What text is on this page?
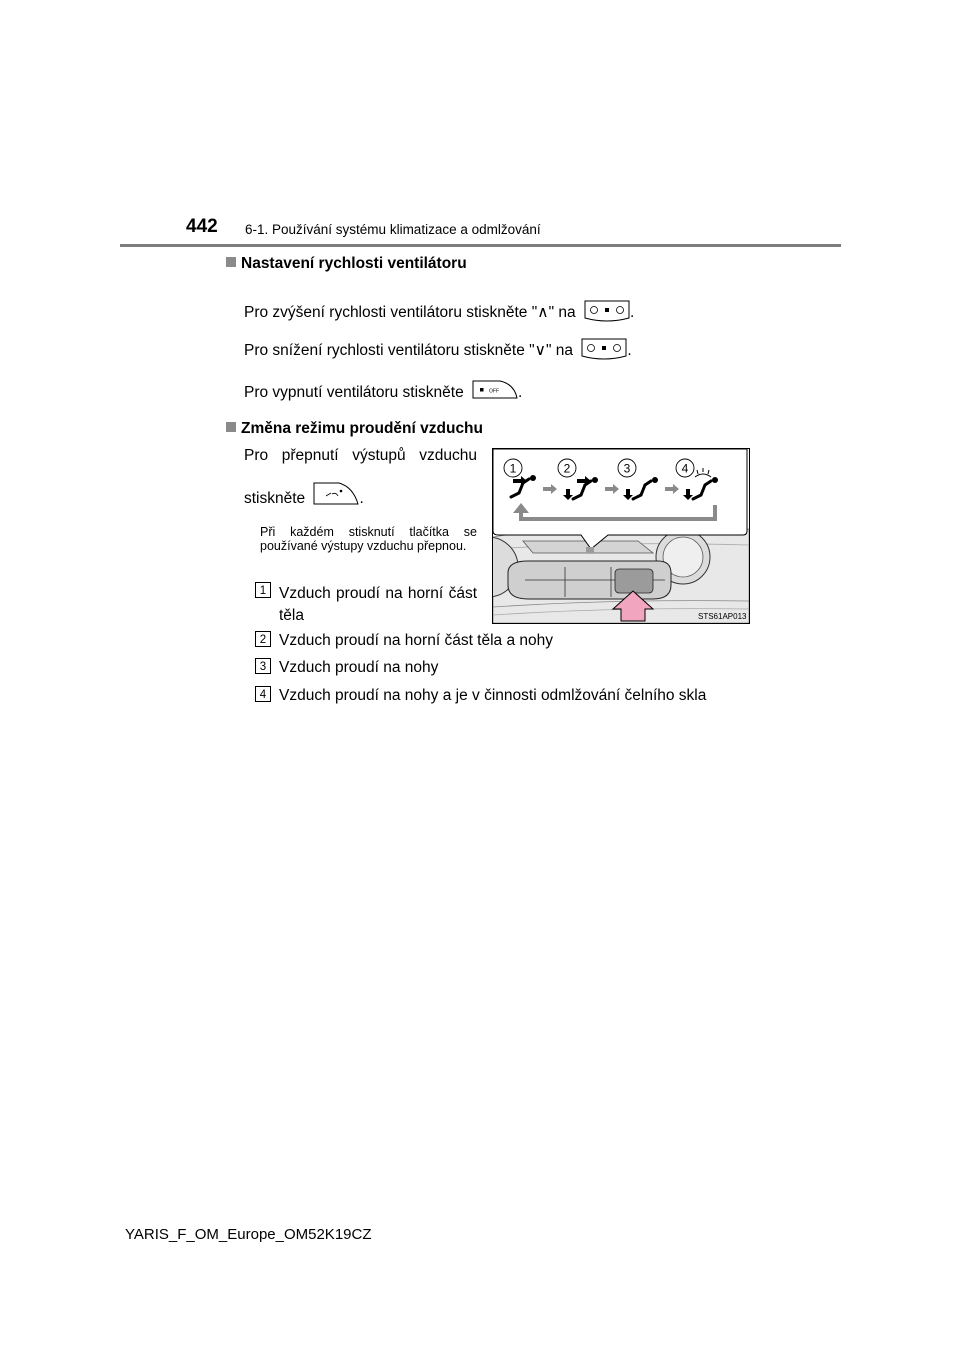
442 6-1. Používání systému klimatizace a odmlžování
Nastavení rychlosti ventilátoru
Pro zvýšení rychlosti ventilátoru stiskněte "∧" na	.
Pro snížení rychlosti ventilátoru stiskněte "∨" na	.
Pro vypnutí ventilátoru stiskněte	OFF .
Změna režimu proudění vzduchu
Pro přepnutí výstupů vzduchu
stiskněte	.
Při každém stisknutí tlačítka se používané výstupy vzduchu přepnou.
1 Vzduch proudí na horní část těla
2 Vzduch proudí na horní část těla a nohy
3 Vzduch proudí na nohy
4 Vzduch proudí na nohy a je v činnosti odmlžování čelního skla
1	2	3	4
STS61AP013
YARIS_F_OM_Europe_OM52K19CZ
